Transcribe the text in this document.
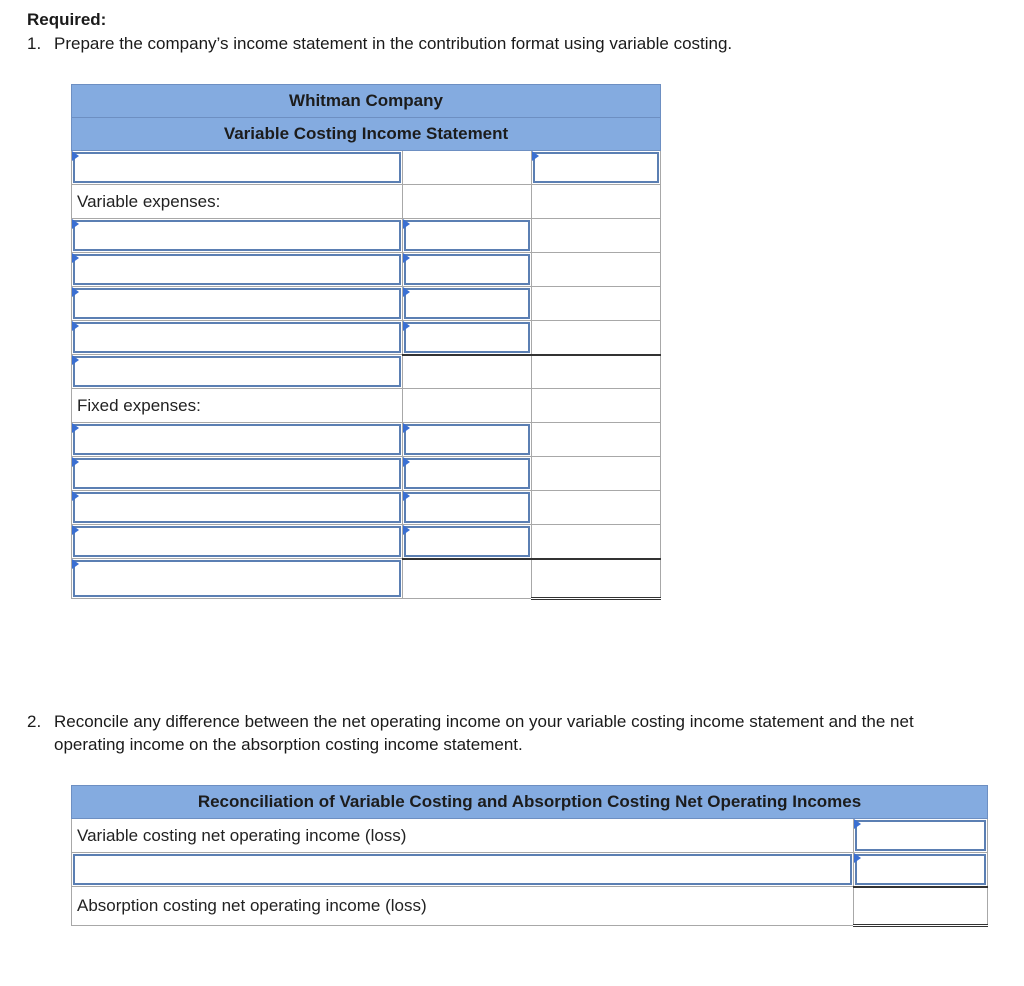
Required:
1. Prepare the company’s income statement in the contribution format using variable costing.
Whitman Company		
Variable Costing Income Statement		

Variable expenses:		

Fixed expenses:		

2. Reconcile any difference between the net operating income on your variable costing income statement and the net operating income on the absorption costing income statement.
Reconciliation of Variable Costing and Absorption Costing Net Operating Incomes	
Variable costing net operating income (loss)	

Absorption costing net operating income (loss)	
